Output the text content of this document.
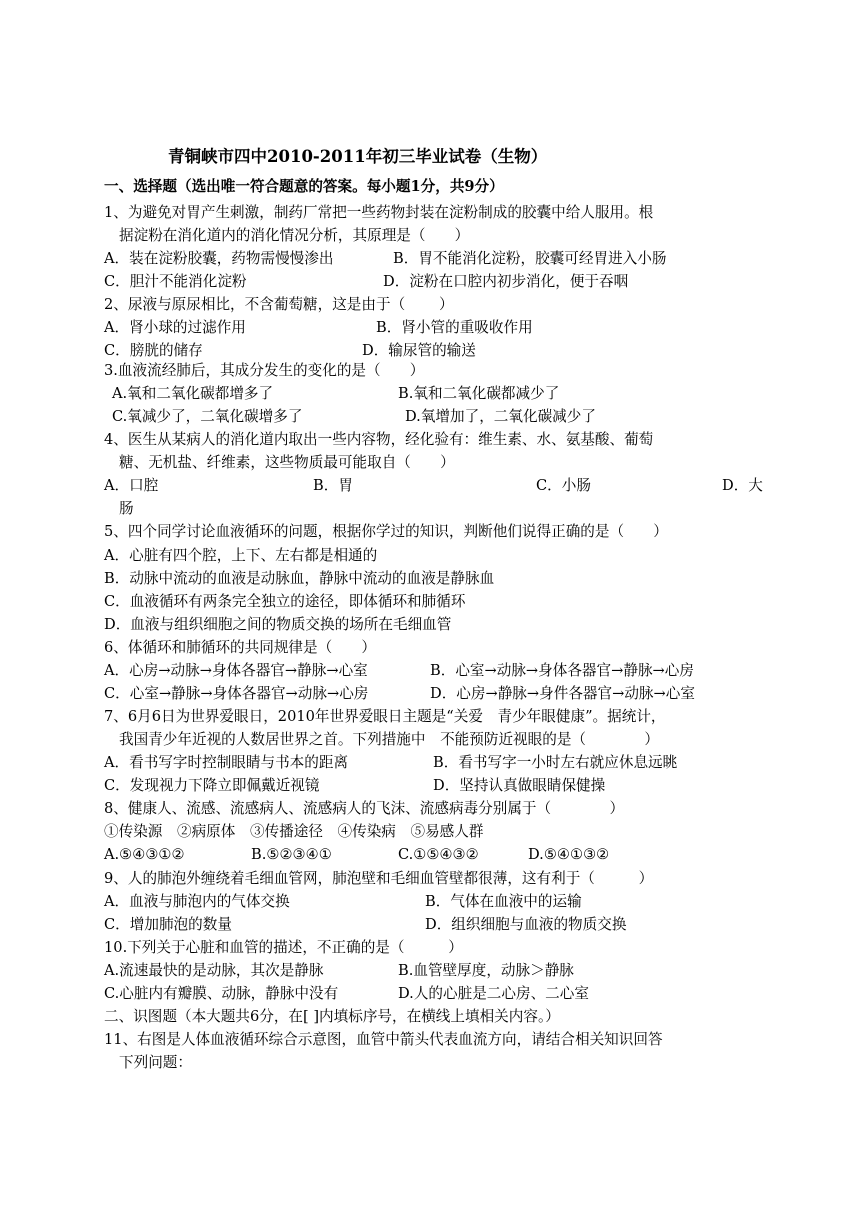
青铜峡市四中2010-2011年初三毕业试卷（生物）
一、选择题（选出唯一符合题意的答案。每小题1分，共9分）
1、为避免对胃产生刺激，制药厂常把一些药物封装在淀粉制成的胶囊中给人服用。根
据淀粉在消化道内的消化情况分析，其原理是（　　）
A．装在淀粉胶囊，药物需慢慢渗出	B．胃不能消化淀粉，胶囊可经胃进入小肠
C．胆汁不能消化淀粉	D．淀粉在口腔内初步消化，便于吞咽
2、尿液与原尿相比，不含葡萄糖，这是由于（　　 ）
A．肾小球的过滤作用	B．肾小管的重吸收作用
C．膀胱的储存	D．输尿管的输送
3.血液流经肺后，其成分发生的变化的是（　　）
A.氧和二氧化碳都增多了	B.氧和二氧化碳都减少了
C.氧减少了，二氧化碳增多了	D.氧增加了，二氧化碳减少了
4、医生从某病人的消化道内取出一些内容物，经化验有：维生素、水、氨基酸、葡萄
糖、无机盐、纤维素，这些物质最可能取自（　　）
A．口腔	B．胃	C．小肠	D．大
肠
5、四个同学讨论血液循环的问题，根据你学过的知识，判断他们说得正确的是（　　）
A．心脏有四个腔，上下、左右都是相通的
B．动脉中流动的血液是动脉血，静脉中流动的血液是静脉血
C．血液循环有两条完全独立的途径，即体循环和肺循环
D．血液与组织细胞之间的物质交换的场所在毛细血管
6、体循环和肺循环的共同规律是（　　）
A．心房→动脉→身体各器官→静脉→心室	B．心室→动脉→身体各器官→静脉→心房
C．心室→静脉→身体各器官→动脉→心房	D．心房→静脉→身件各器官→动脉→心室
7、6月6日为世界爱眼日，2010年世界爱眼日主题是“关爱　青少年眼健康”。据统计，
我国青少年近视的人数居世界之首。下列措施中　不能预防近视眼的是（　　　　）
A．看书写字时控制眼睛与书本的距离	B．看书写字一小时左右就应休息远眺
C．发现视力下降立即佩戴近视镜	D．坚持认真做眼睛保健操
8、健康人、流感、流感病人、流感病人的飞沫、流感病毒分别属于（　　　　）
①传染源　②病原体　③传播途径　④传染病　⑤易感人群
A.⑤④③①②	B.⑤②③④①	C.①⑤④③②	D.⑤④①③②
9、人的肺泡外缠绕着毛细血管网，肺泡壁和毛细血管壁都很薄，这有利于（　　　）
A．血液与肺泡内的气体交换	B．气体在血液中的运输
C．增加肺泡的数量	D．组织细胞与血液的物质交换
10.下列关于心脏和血管的描述，不正确的是（　　　）
A.流速最快的是动脉，其次是静脉	B.血管壁厚度，动脉＞静脉
C.心脏内有瓣膜、动脉，静脉中没有	D.人的心脏是二心房、二心室
二、识图题（本大题共6分，在[ ]内填标序号，在横线上填相关内容。）
11、右图是人体血液循环综合示意图，血管中箭头代表血流方向，请结合相关知识回答
下列问题：
